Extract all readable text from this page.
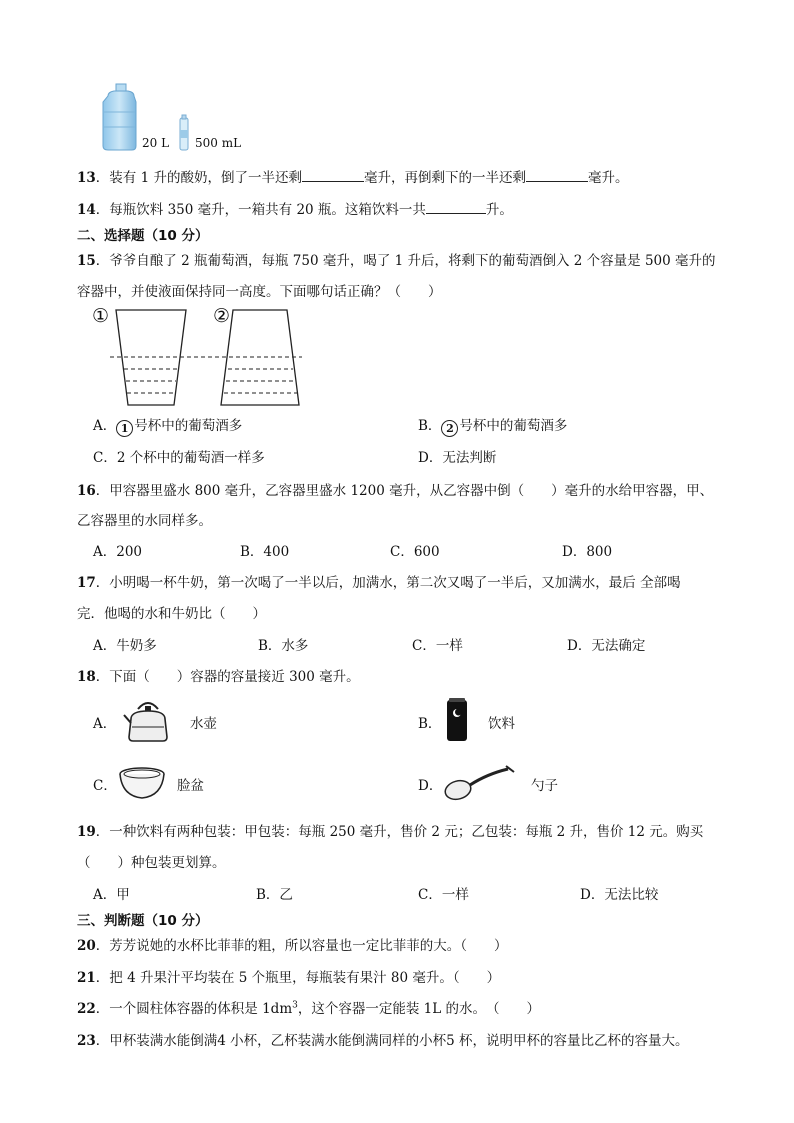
20 L 500 mL
13．装有 1 升的酸奶，倒了一半还剩	毫升，再倒剩下的一半还剩	毫升。
14．每瓶饮料 350 毫升，一箱共有 20 瓶。这箱饮料一共	升。
二、选择题（10 分）
15．爷爷自酿了 2 瓶葡萄酒，每瓶 750 毫升，喝了 1 升后，将剩下的葡萄酒倒入 2 个容量是 500 毫升的
容器中，并使液面保持同一高度。下面哪句话正确？（　　）
①	②
A． 1 号杯中的葡萄酒多	B． 2 号杯中的葡萄酒多
C．2 个杯中的葡萄酒一样多	D．无法判断
16．甲容器里盛水 800 毫升，乙容器里盛水 1200 毫升，从乙容器中倒（　　）毫升的水给甲容器，甲、
乙容器里的水同样多。
A．200	B．400	C．600	D．800
17．小明喝一杯牛奶，第一次喝了一半以后，加满水，第二次又喝了一半后，又加满水，最后 全部喝
完．他喝的水和牛奶比（　　）
A．牛奶多	B．水多	C．一样	D．无法确定
18．下面（　　）容器的容量接近 300 毫升。
A．	水壶	B．	饮料
C．	脸盆	D．	勺子
19．一种饮料有两种包装：甲包装：每瓶 250 毫升，售价 2 元；乙包装：每瓶 2 升，售价 12 元。购买
（　　）种包装更划算。
A．甲	B．乙	C．一样	D．无法比较
三、判断题（10 分）
20．芳芳说她的水杯比菲菲的粗，所以容量也一定比菲菲的大。（　　）
21．把 4 升果汁平均装在 5 个瓶里，每瓶装有果汁 80 毫升。（　　）
22．一个圆柱体容器的体积是 $1dm^3$，这个容器一定能装 1L 的水。　（　　）
23．甲杯装满水能倒满4 小杯，乙杯装满水能倒满同样的小杯5 杯，说明甲杯的容量比乙杯的容量大。
